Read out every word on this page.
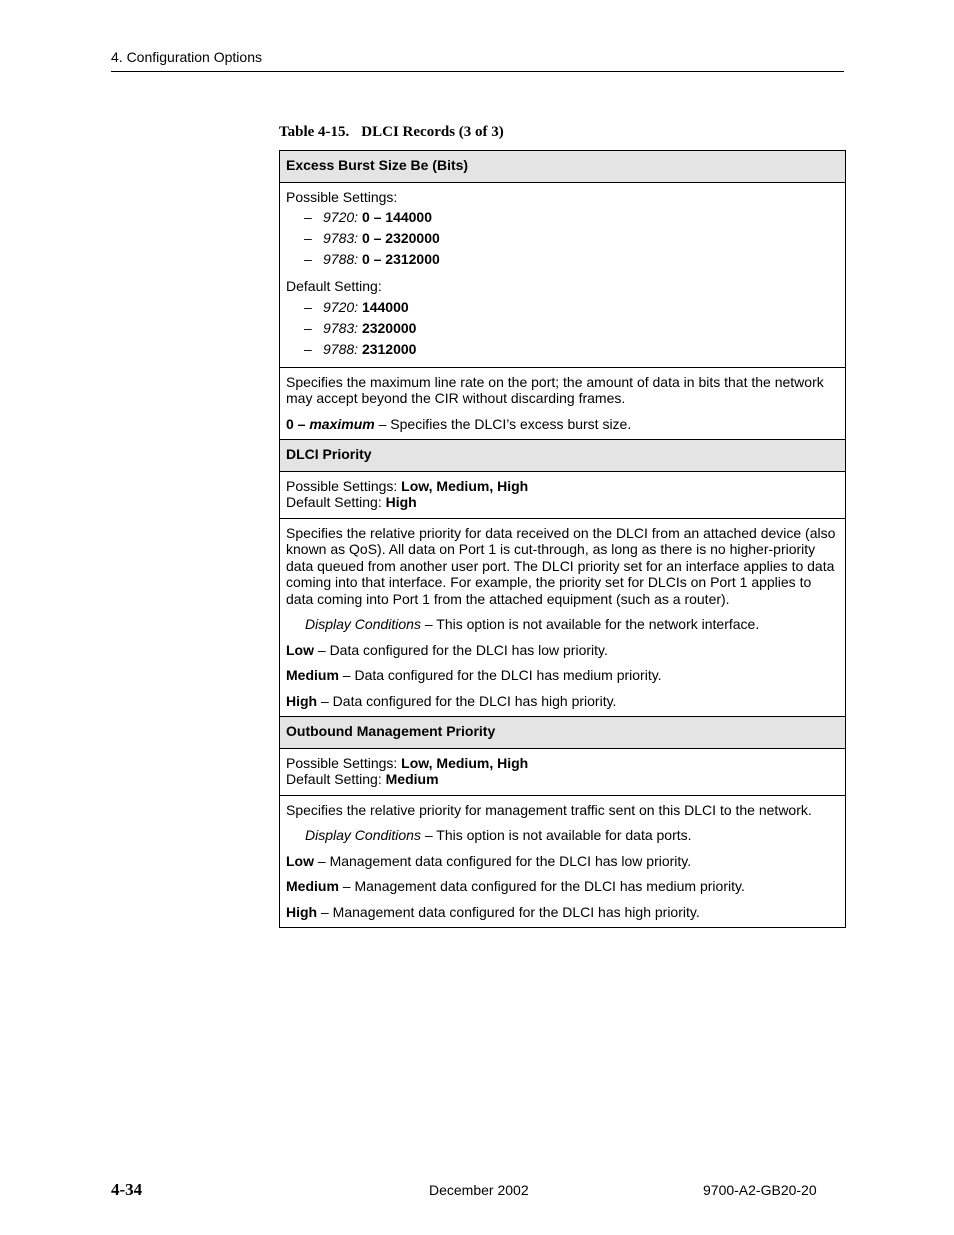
4. Configuration Options
Table 4-15. DLCI Records (3 of 3)
Excess Burst Size Be (Bits)

Possible Settings:

– 9720: 0 – 144000
– 9783: 0 – 2320000
– 9788: 0 – 2312000

Default Setting:

– 9720: 144000
– 9783: 2320000
– 9788: 2312000

Specifies the maximum line rate on the port; the amount of data in bits that the network may accept beyond the CIR without discarding frames.

0 – maximum – Specifies the DLCI’s excess burst size.

DLCI Priority

Possible Settings: Low, Medium, High
Default Setting: High

Specifies the relative priority for data received on the DLCI from an attached device (also known as QoS). All data on Port 1 is cut-through, as long as there is no higher-priority data queued from another user port. The DLCI priority set for an interface applies to data coming into that interface. For example, the priority set for DLCIs on Port 1 applies to data coming into Port 1 from the attached equipment (such as a router).

Display Conditions – This option is not available for the network interface.

Low – Data configured for the DLCI has low priority.

Medium – Data configured for the DLCI has medium priority.

High – Data configured for the DLCI has high priority.

Outbound Management Priority

Possible Settings: Low, Medium, High
Default Setting: Medium

Specifies the relative priority for management traffic sent on this DLCI to the network.

Display Conditions – This option is not available for data ports.

Low – Management data configured for the DLCI has low priority.

Medium – Management data configured for the DLCI has medium priority.

High – Management data configured for the DLCI has high priority.

4-34	December 2002	9700-A2-GB20-20
